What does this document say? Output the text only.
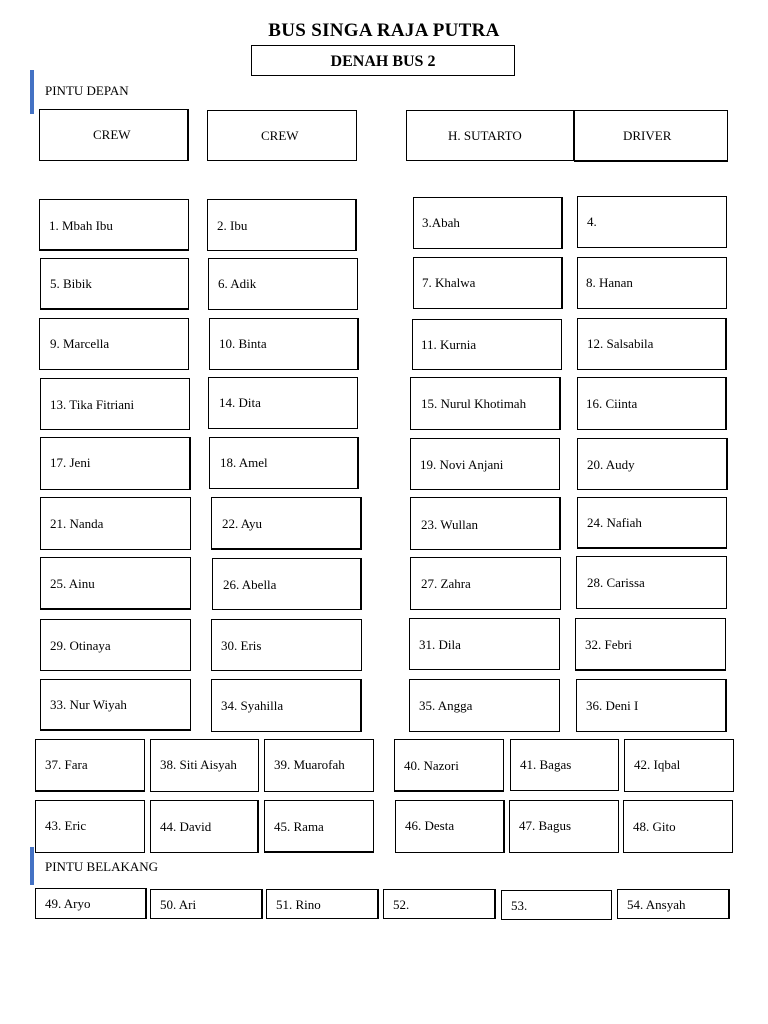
BUS SINGA RAJA PUTRA
DENAH BUS 2
PINTU DEPAN
CREW	CREW	H. SUTARTO	DRIVER
1. Mbah Ibu	2. Ibu	3.Abah	4.
5. Bibik	6. Adik	7. Khalwa	8. Hanan
9. Marcella	10. Binta	11. Kurnia	12. Salsabila
13. Tika Fitriani	14. Dita	15. Nurul Khotimah	16. Ciinta
17. Jeni	18. Amel	19. Novi Anjani	20. Audy
21. Nanda	22. Ayu	23. Wullan	24. Nafiah
25. Ainu	26. Abella	27. Zahra	28. Carissa
29. Otinaya	30. Eris	31. Dila	32. Febri
33. Nur Wiyah	34. Syahilla	35. Angga	36. Deni I
37. Fara	38. Siti Aisyah	39. Muarofah	40. Nazori	41. Bagas	42. Iqbal
43. Eric	44. David	45. Rama	46. Desta	47. Bagus	48. Gito
PINTU BELAKANG
49. Aryo	50. Ari	51. Rino	52.	53.	54. Ansyah
